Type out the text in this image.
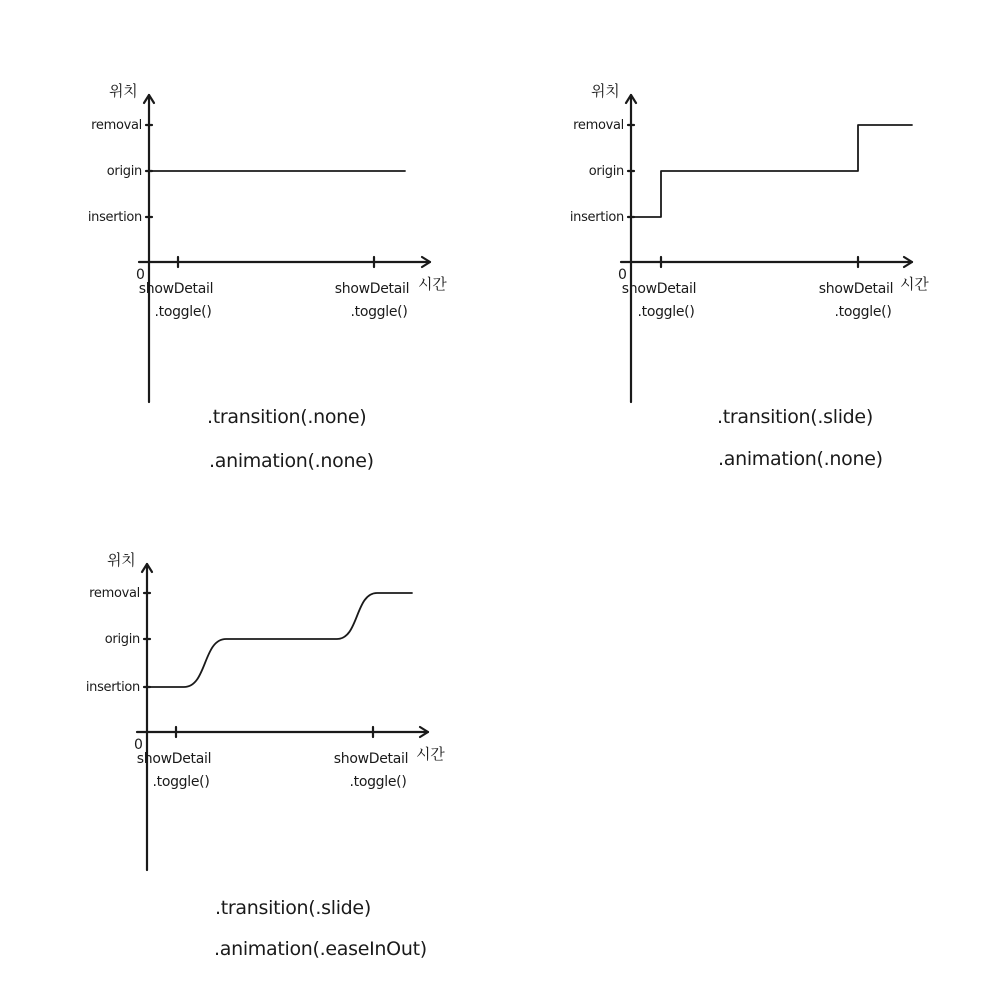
위치
시간
0
removal
origin
insertion
showDetail
.toggle()
showDetail
.toggle()
.transition(.none)
.animation(.none)
위치
시간
0
removal
origin
insertion
showDetail
.toggle()
showDetail
.toggle()
.transition(.slide)
.animation(.none)
위치
시간
0
removal
origin
insertion
showDetail
.toggle()
showDetail
.toggle()
.transition(.slide)
.animation(.easeInOut)
